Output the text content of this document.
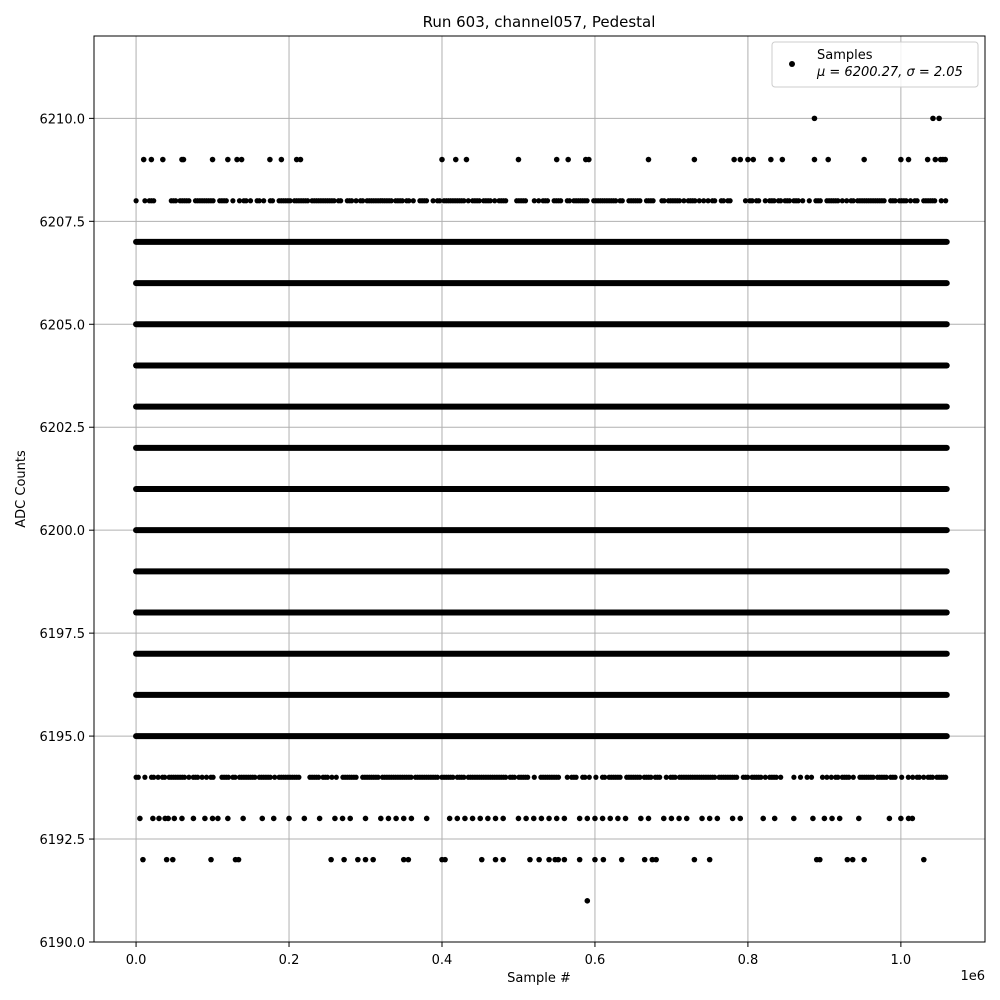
Run 603, channel057, Pedestal
0.0	0.2	0.4	0.6	0.8	1.0
6190.0
6192.5
6195.0
6197.5
6200.0
6202.5
6205.0
6207.5
6210.0
Sample #
ADC Counts
1e6
Samples
μ = 6200.27, σ = 2.05
